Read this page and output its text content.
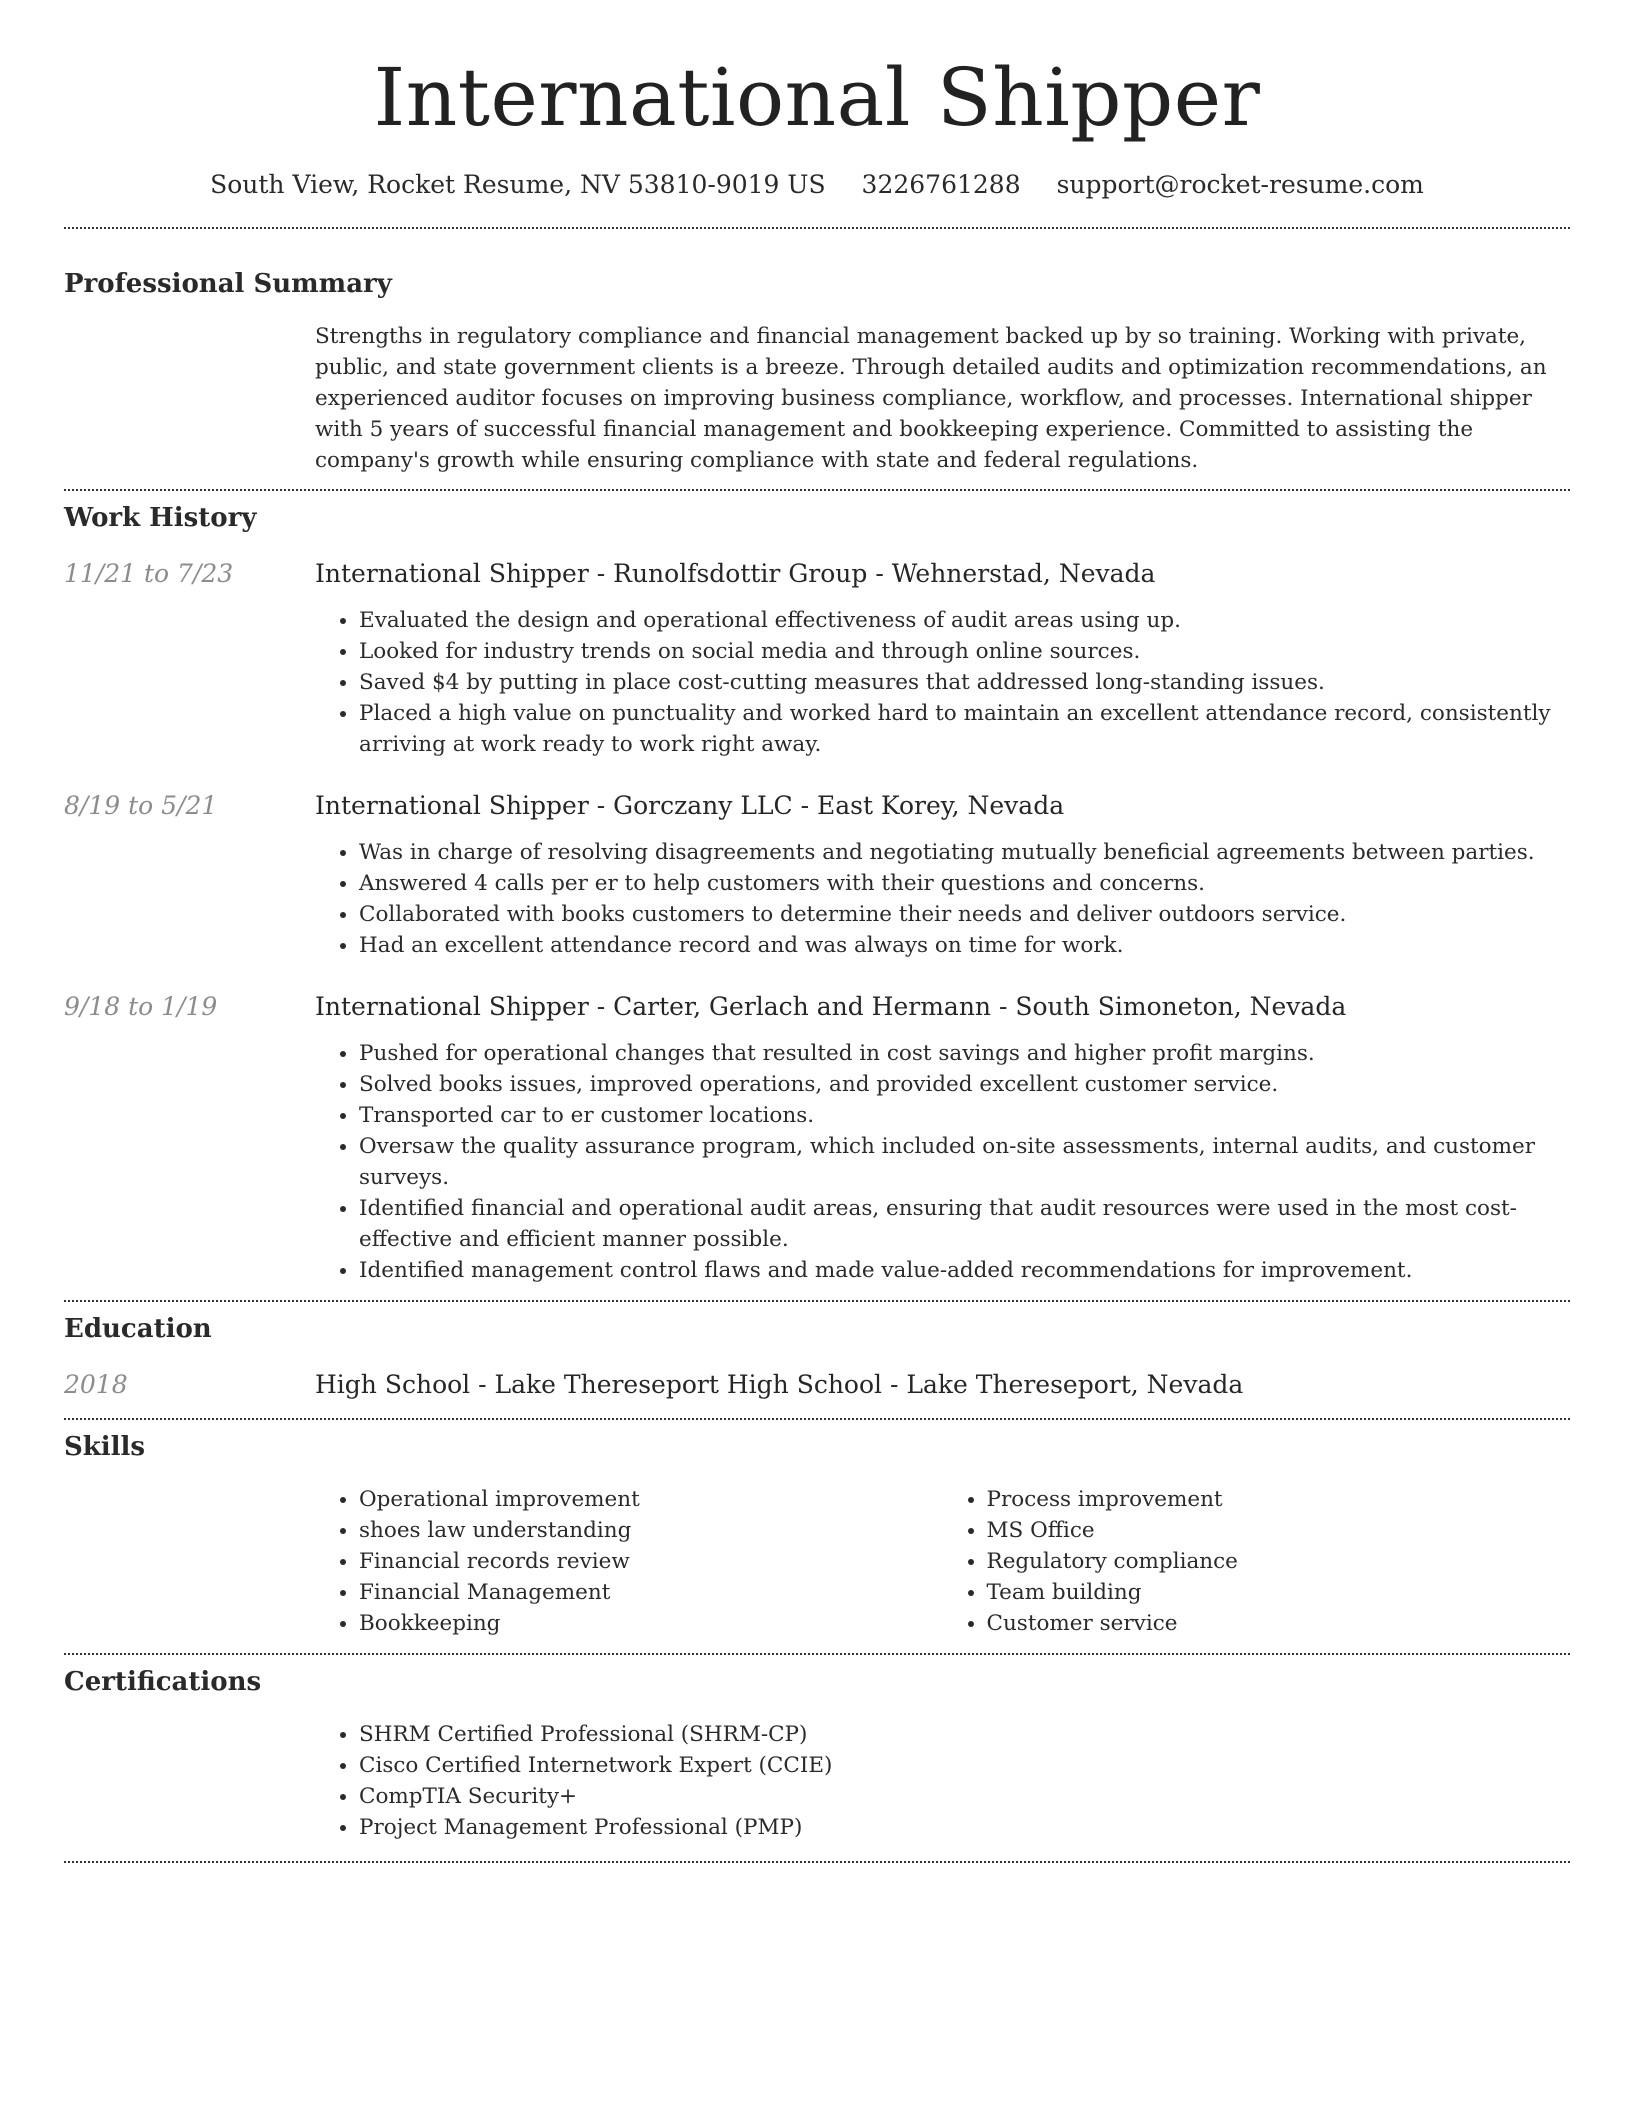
International Shipper
South View, Rocket Resume, NV 53810-9019 US 3226761288 support@rocket-resume.com
Professional Summary
Strengths in regulatory compliance and financial management backed up by so training. Working with private, public, and state government clients is a breeze. Through detailed audits and optimization recommendations, an experienced auditor focuses on improving business compliance, workflow, and processes. International shipper with 5 years of successful financial management and bookkeeping experience. Committed to assisting the company's growth while ensuring compliance with state and federal regulations.
Work History
11/21 to 7/23	International Shipper - Runolfsdottir Group - Wehnerstad, Nevada
• Evaluated the design and operational effectiveness of audit areas using up.
• Looked for industry trends on social media and through online sources.
• Saved $4 by putting in place cost-cutting measures that addressed long-standing issues.
• Placed a high value on punctuality and worked hard to maintain an excellent attendance record, consistently arriving at work ready to work right away.
8/19 to 5/21	International Shipper - Gorczany LLC - East Korey, Nevada
• Was in charge of resolving disagreements and negotiating mutually beneficial agreements between parties.
• Answered 4 calls per er to help customers with their questions and concerns.
• Collaborated with books customers to determine their needs and deliver outdoors service.
• Had an excellent attendance record and was always on time for work.
9/18 to 1/19	International Shipper - Carter, Gerlach and Hermann - South Simoneton, Nevada
• Pushed for operational changes that resulted in cost savings and higher profit margins.
• Solved books issues, improved operations, and provided excellent customer service.
• Transported car to er customer locations.
• Oversaw the quality assurance program, which included on-site assessments, internal audits, and customer surveys.
• Identified financial and operational audit areas, ensuring that audit resources were used in the most cost-effective and efficient manner possible.
• Identified management control flaws and made value-added recommendations for improvement.
Education
2018	High School - Lake Thereseport High School - Lake Thereseport, Nevada
Skills
• Operational improvement
• shoes law understanding
• Financial records review
• Financial Management
• Bookkeeping
• Process improvement
• MS Office
• Regulatory compliance
• Team building
• Customer service
Certifications
• SHRM Certified Professional (SHRM-CP)
• Cisco Certified Internetwork Expert (CCIE)
• CompTIA Security+
• Project Management Professional (PMP)
